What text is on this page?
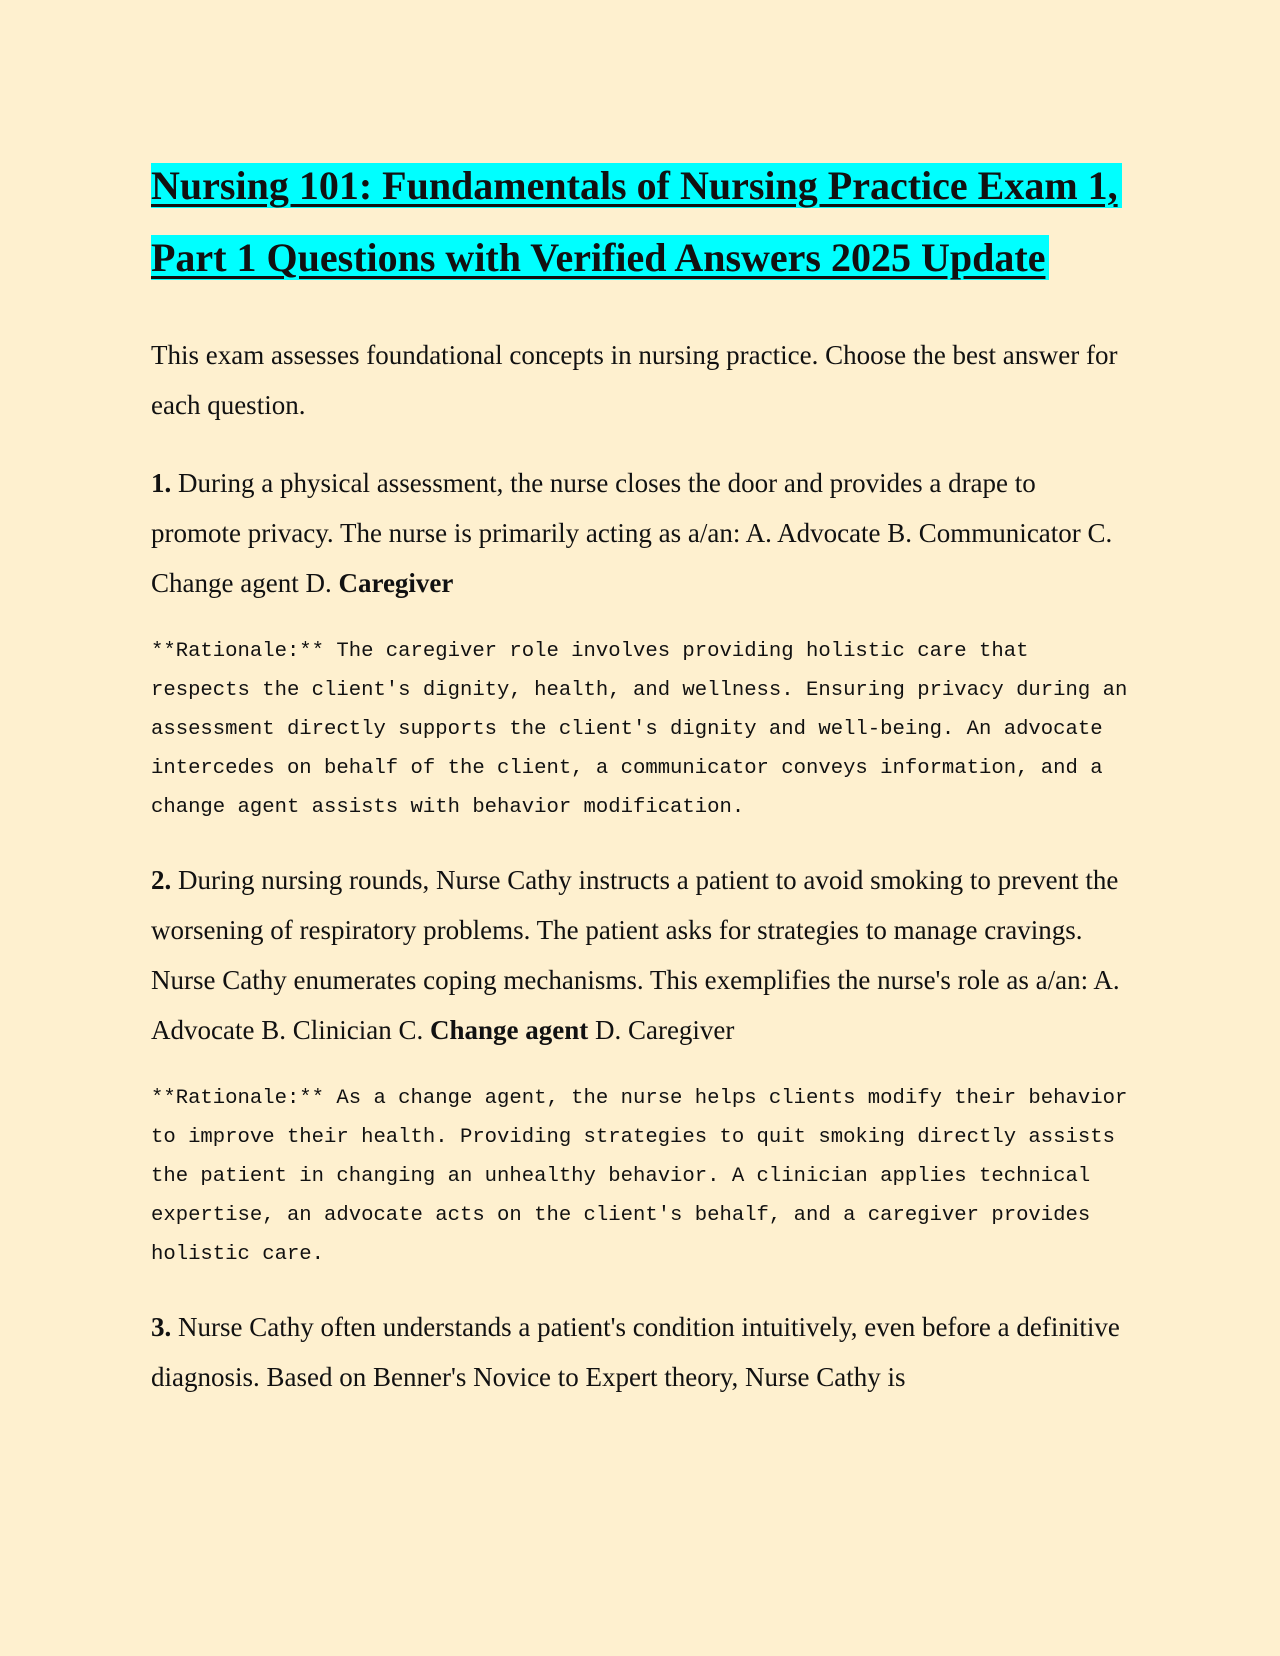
Nursing 101: Fundamentals of Nursing Practice Exam 1, Part 1 Questions with Verified Answers 2025 Update

This exam assesses foundational concepts in nursing practice. Choose the best answer for each question.

1. During a physical assessment, the nurse closes the door and provides a drape to promote privacy. The nurse is primarily acting as a/an: A. Advocate B. Communicator C. Change agent D. Caregiver

**Rationale:** The caregiver role involves providing holistic care that respects the client's dignity, health, and wellness. Ensuring privacy during an assessment directly supports the client's dignity and well-being. An advocate intercedes on behalf of the client, a communicator conveys information, and a change agent assists with behavior modification.

2. During nursing rounds, Nurse Cathy instructs a patient to avoid smoking to prevent the worsening of respiratory problems. The patient asks for strategies to manage cravings. Nurse Cathy enumerates coping mechanisms. This exemplifies the nurse's role as a/an: A. Advocate B. Clinician C. Change agent D. Caregiver

**Rationale:** As a change agent, the nurse helps clients modify their behavior to improve their health. Providing strategies to quit smoking directly assists the patient in changing an unhealthy behavior. A clinician applies technical expertise, an advocate acts on the client's behalf, and a caregiver provides holistic care.

3. Nurse Cathy often understands a patient's condition intuitively, even before a definitive diagnosis. Based on Benner's Novice to Expert theory, Nurse Cathy is
